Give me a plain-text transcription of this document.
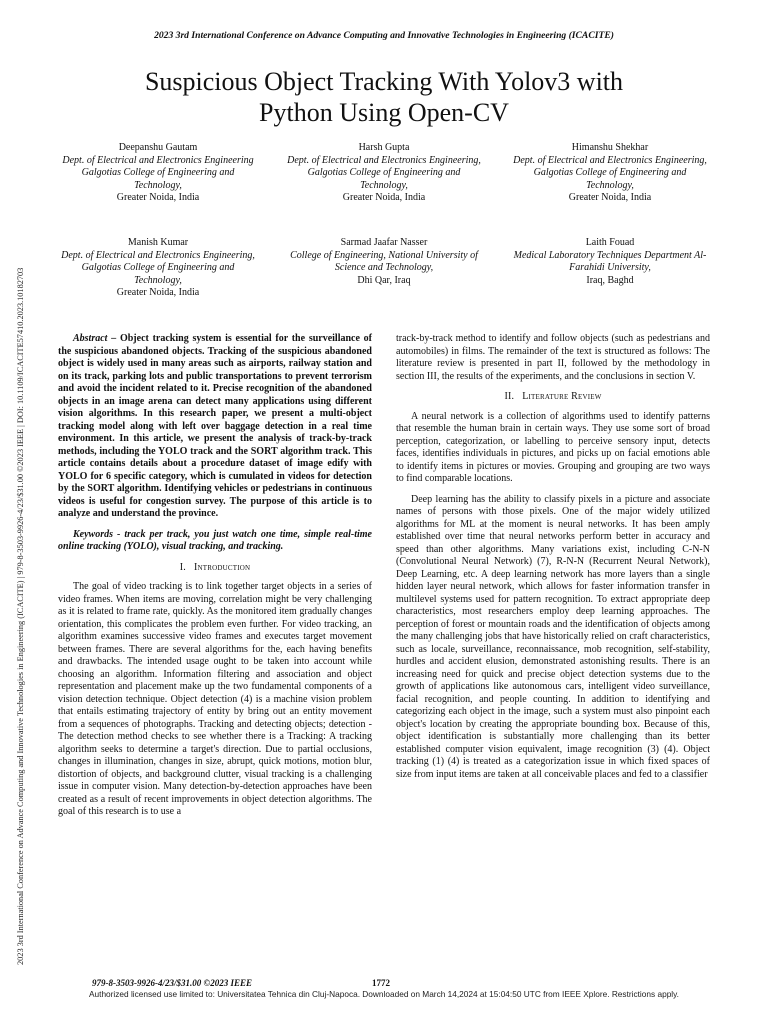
2023 3rd International Conference on Advance Computing and Innovative Technologies in Engineering (ICACITE)
2023 3rd International Conference on Advance Computing and Innovative Technologies in Engineering (ICACITE) | 979-8-3503-9926-4/23/$31.00 ©2023 IEEE | DOI: 10.1109/ICACITE57410.2023.10182703
Suspicious Object Tracking With Yolov3 with
Python Using Open-CV
Deepanshu Gautam
Dept. of Electrical and Electronics Engineering Galgotias College of Engineering and Technology,
Greater Noida, India
Harsh Gupta
Dept. of Electrical and Electronics Engineering, Galgotias College of Engineering and Technology,
Greater Noida, India
Himanshu Shekhar
Dept. of Electrical and Electronics Engineering, Galgotias College of Engineering and Technology,
Greater Noida, India
Manish Kumar
Dept. of Electrical and Electronics Engineering, Galgotias College of Engineering and Technology,
Greater Noida, India
Sarmad Jaafar Nasser
College of Engineering, National University of Science and Technology,
Dhi Qar, Iraq
Laith Fouad
Medical Laboratory Techniques Department Al-Farahidi University,
Iraq, Baghd

Abstract – Object tracking system is essential for the surveillance of the suspicious abandoned objects. Tracking of the suspicious abandoned object is widely used in many areas such as airports, railway station and on its track, parking lots and public transportations to prevent terrorism and avoid the incident related to it. Precise recognition of the abandoned objects in an image arena can detect many applications using different vision algorithms. In this research paper, we present a multi-object tracking model along with left over baggage detection in a real time environment. In this article, we present the analysis of track-by-track methods, including the YOLO track and the SORT algorithm track. This article contains details about a procedure dataset of image edify with YOLO for 6 specific category, which is cumulated in videos for detection by the SORT algorithm. Identifying vehicles or pedestrians in continuous videos is useful for congestion survey. The purpose of this article is to analyze and understand the province.

Keywords - track per track, you just watch one time, simple real-time online tracking (YOLO), visual tracking, and tracking.

I. Introduction

The goal of video tracking is to link together target objects in a series of video frames. When items are moving, correlation might be very challenging as it is related to frame rate, quickly. As the monitored item gradually changes orientation, this complicates the problem even further. For video tracking, an algorithm examines successive video frames and executes target movement between frames. There are several algorithms for the, each having benefits and drawbacks. The intended usage ought to be taken into account while choosing an algorithm. Information filtering and association and object representation and placement make up the two fundamental components of a vision detection technique. Object detection (4) is a machine vision problem that entails estimating trajectory of entity by bring out an entity movement from a sequences of photographs. Tracking and detecting objects; detection - The detection method checks to see whether there is a Tracking: A tracking algorithm seeks to determine a target's direction. Due to partial occlusions, changes in illumination, changes in size, abrupt, quick motions, motion blur, distortion of objects, and background clutter, visual tracking is a challenging issue in computer vision. Many detection-by-detection approaches have been created as a result of recent improvements in object detection algorithms. The goal of this research is to use a

track-by-track method to identify and follow objects (such as pedestrians and automobiles) in films. The remainder of the text is structured as follows: The literature review is presented in part II, followed by the methodology in section III, the results of the experiments, and the conclusions in section V.

II. Literature Review

A neural network is a collection of algorithms used to identify patterns that resemble the human brain in certain ways. They use some sort of broad perception, categorization, or labelling to perceive sensory input, detects faces, identifies individuals in pictures, and picks up on facial emotions able to identify items in pictures or movies. Grouping and grouping are two ways to find comparable locations.

Deep learning has the ability to classify pixels in a picture and associate names of persons with those pixels. One of the major widely utilized algorithms for ML at the moment is neural networks. It has been amply established over time that neural networks perform better in accuracy and speed than other algorithms. Many variations exist, including C-N-N (Convolutional Neural Network) (7), R-N-N (Recurrent Neural Network), Deep Learning, etc. A deep learning network has more layers than a single hidden layer neural network, which allows for faster information transfer in multilevel systems used for pattern recognition. To extract appropriate deep characteristics, most researchers employ deep learning approaches. The perception of forest or mountain roads and the identification of objects among the many challenging jobs that have historically relied on craft characteristics, such as locale, surveillance, reconnaissance, mob recognition, self-stability, hurdles and accident elusion, demonstrated astonishing results. There is an increasing need for quick and precise object detection systems due to the growth of applications like autonomous cars, intelligent video surveillance, facial recognition, and people counting. In addition to identifying and categorizing each object in the image, such a system must also pinpoint each object's location by creating the appropriate bounding box. Because of this, object identification is substantially more challenging than its better established computer vision equivalent, image recognition (3) (4). Object tracking (1) (4) is treated as a categorization issue in which fixed spaces of size from input items are taken at all conceivable places and fed to a classifier

979-8-3503-9926-4/23/$31.00 ©2023 IEEE	1772
Authorized licensed use limited to: Universitatea Tehnica din Cluj-Napoca. Downloaded on March 14,2024 at 15:04:50 UTC from IEEE Xplore. Restrictions apply.
